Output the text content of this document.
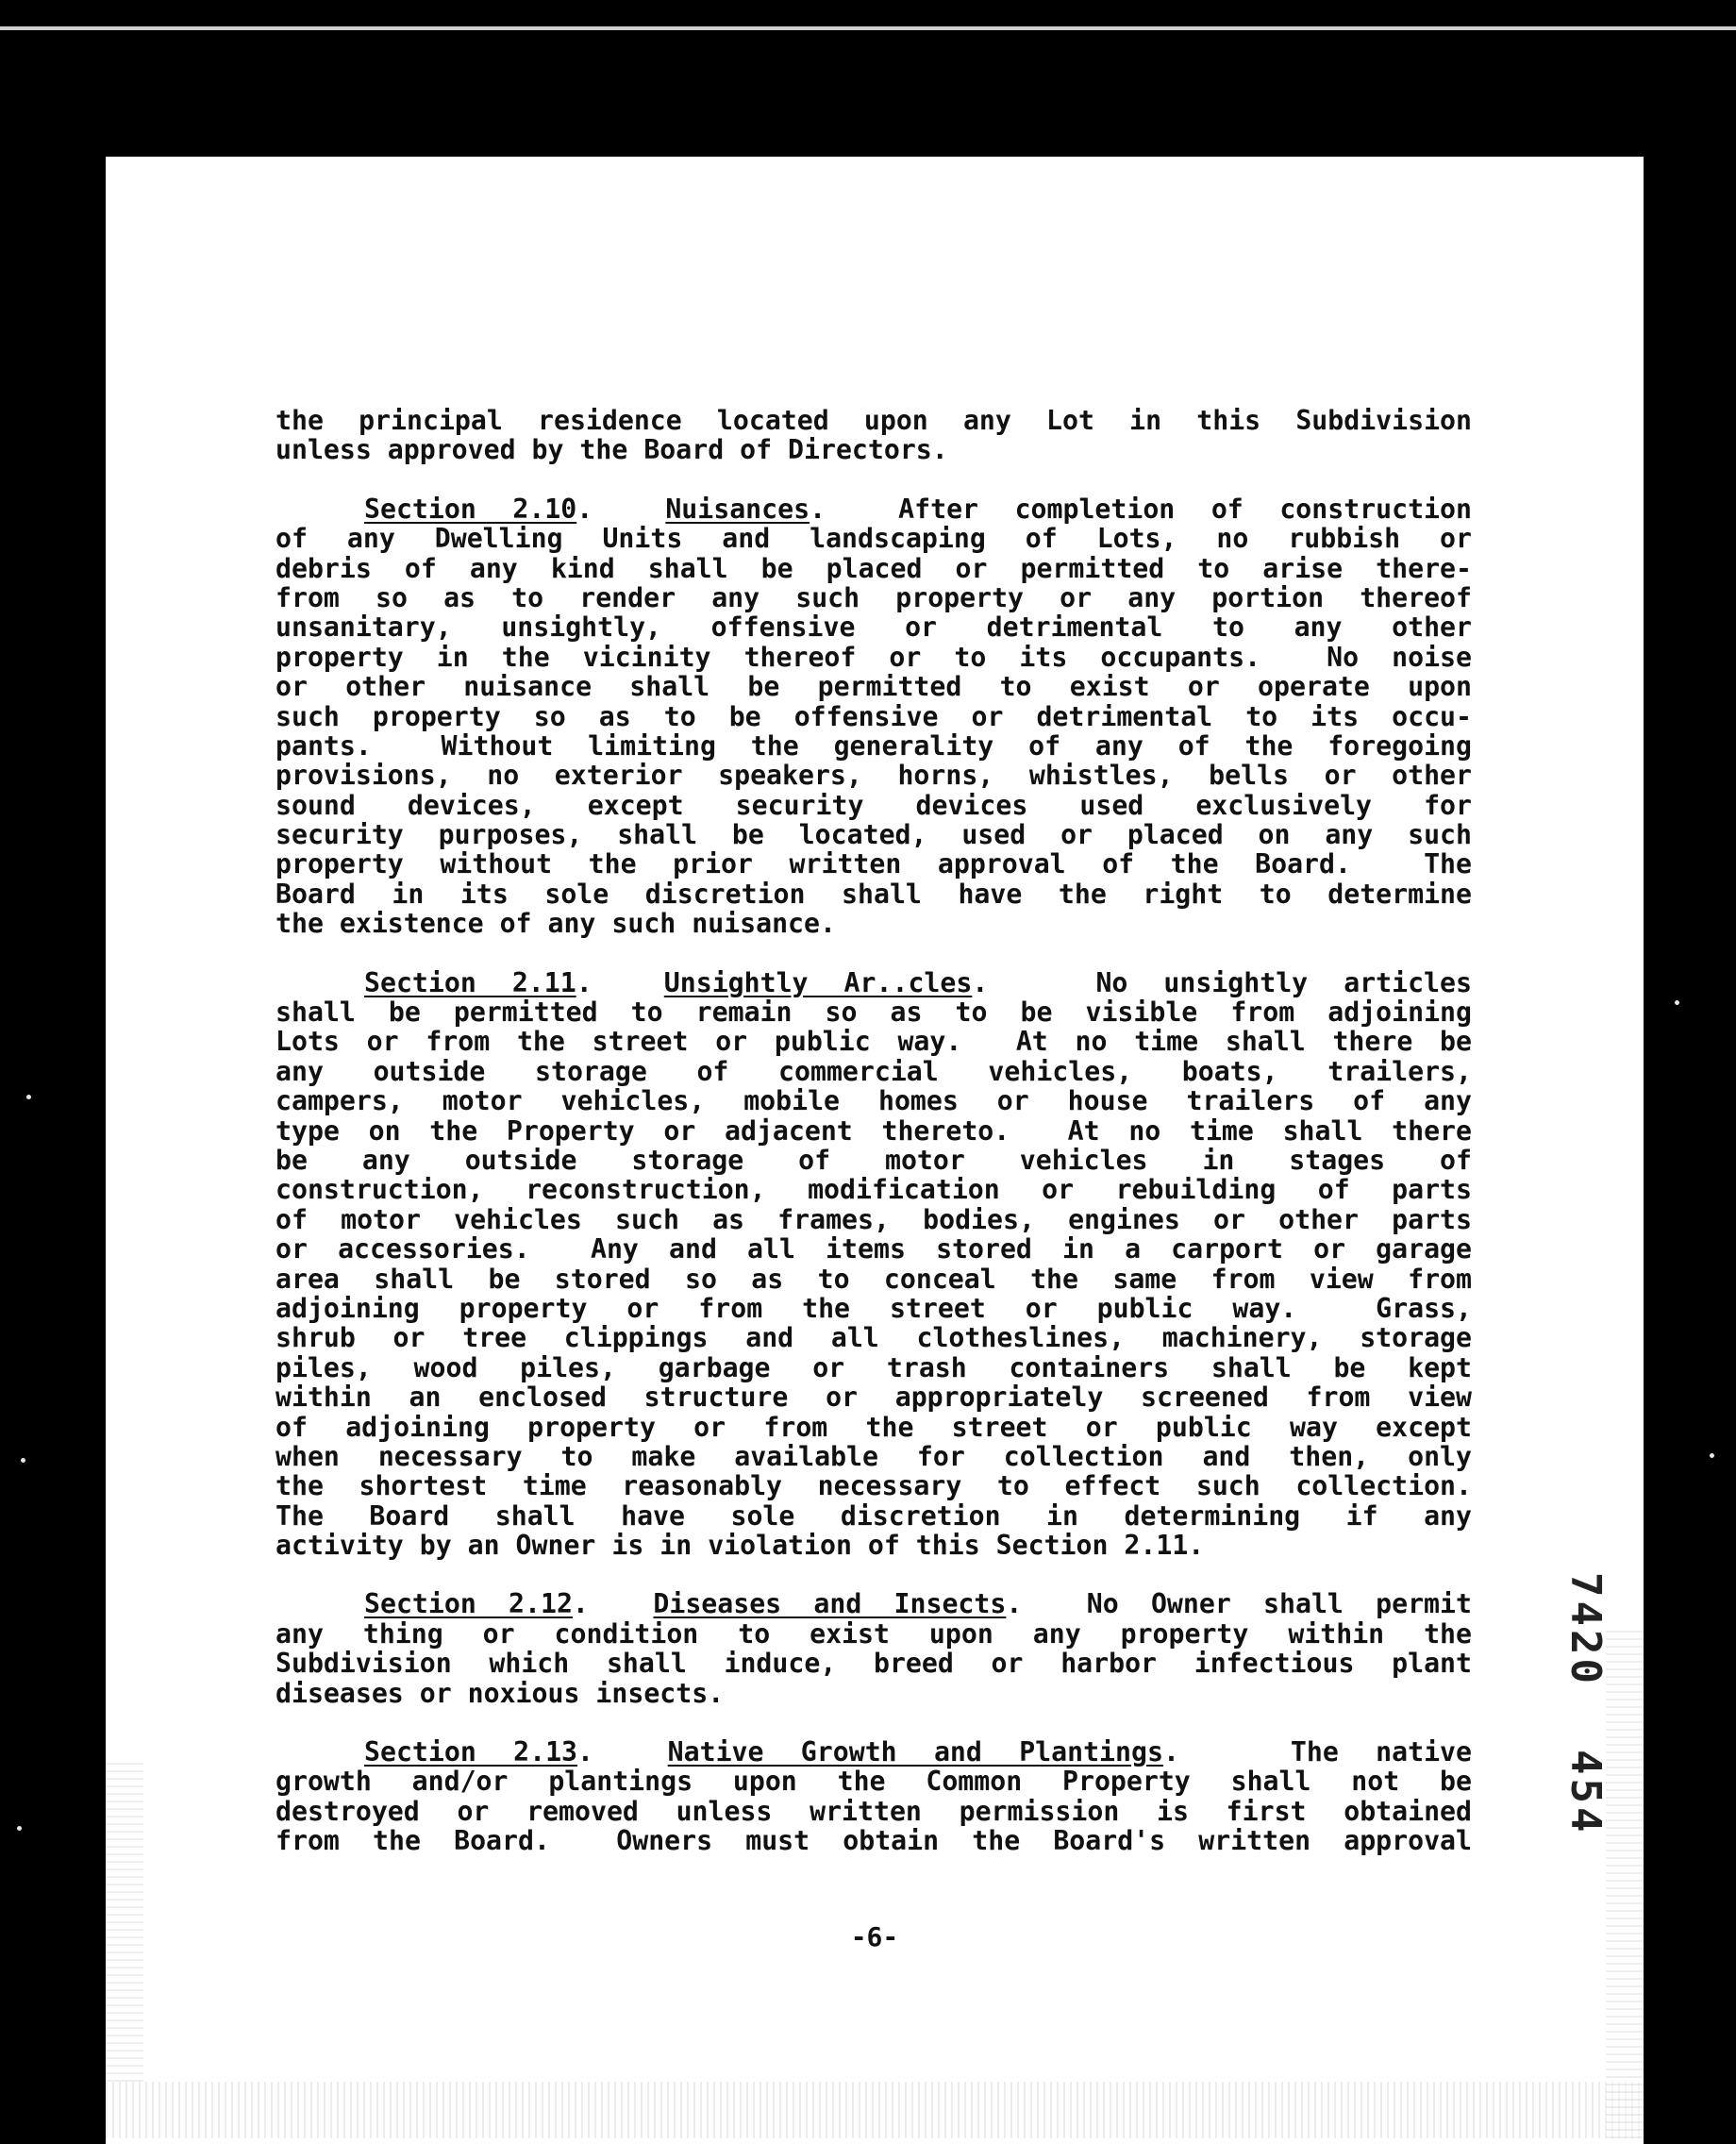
the principal residence located upon any Lot in this Subdivision
unless approved by the Board of Directors.
Section 2.10.  Nuisances.  After completion of construction
of any Dwelling Units and landscaping of Lots, no rubbish or
debris of any kind shall be placed or permitted to arise there-
from so as to render any such property or any portion thereof
unsanitary, unsightly, offensive or detrimental to any other
property in the vicinity thereof or to its occupants.  No noise
or other nuisance shall be permitted to exist or operate upon
such property so as to be offensive or detrimental to its occu-
pants.  Without limiting the generality of any of the foregoing
provisions, no exterior speakers, horns, whistles, bells or other
sound devices, except security devices used exclusively for
security purposes, shall be located, used or placed on any such
property without the prior written approval of the Board.  The
Board in its sole discretion shall have the right to determine
the existence of any such nuisance.
Section 2.11.  Unsightly Ar..cles.   No unsightly articles
shall be permitted to remain so as to be visible from adjoining
Lots or from the street or public way.  At no time shall there be
any outside storage of commercial vehicles, boats, trailers,
campers, motor vehicles, mobile homes or house trailers of any
type on the Property or adjacent thereto.  At no time shall there
be any outside storage of motor vehicles in stages of
construction, reconstruction, modification or rebuilding of parts
of motor vehicles such as frames, bodies, engines or other parts
or accessories.  Any and all items stored in a carport or garage
area shall be stored so as to conceal the same from view from
adjoining property or from the street or public way.  Grass,
shrub or tree clippings and all clotheslines, machinery, storage
piles, wood piles, garbage or trash containers shall be kept
within an enclosed structure or appropriately screened from view
of adjoining property or from the street or public way except
when necessary to make available for collection and then, only
the shortest time reasonably necessary to effect such collection.
The Board shall have sole discretion in determining if any
activity by an Owner is in violation of this Section 2.11.
Section 2.12.  Diseases and Insects.  No Owner shall permit
any thing or condition to exist upon any property within the
Subdivision which shall induce, breed or harbor infectious plant
diseases or noxious insects.
Section 2.13.  Native Growth and Plantings.   The native
growth and/or plantings upon the Common Property shall not be
destroyed or removed unless written permission is first obtained
from the Board.  Owners must obtain the Board's written approval
-6-
7420
454
